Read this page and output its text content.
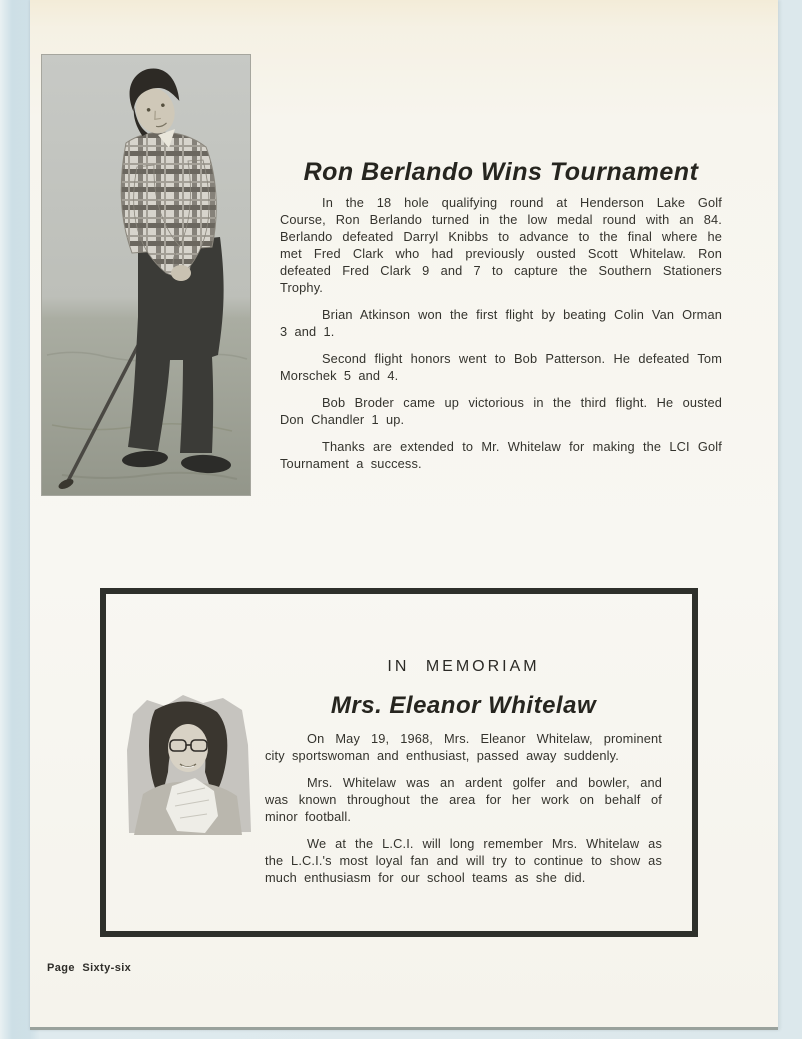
Ron Berlando Wins Tournament

In the 18 hole qualifying round at Henderson Lake Golf Course, Ron Berlando turned in the low medal round with an 84. Berlando defeated Darryl Knibbs to advance to the final where he met Fred Clark who had previously ousted Scott Whitelaw. Ron defeated Fred Clark 9 and 7 to capture the Southern Stationers Trophy.

Brian Atkinson won the first flight by beating Colin Van Orman 3 and 1.

Second flight honors went to Bob Patterson. He defeated Tom Morschek 5 and 4.

Bob Broder came up victorious in the third flight. He ousted Don Chandler 1 up.

Thanks are extended to Mr. Whitelaw for making the LCI Golf Tournament a success.

IN MEMORIAM
Mrs. Eleanor Whitelaw

On May 19, 1968, Mrs. Eleanor Whitelaw, prominent city sportswoman and enthusiast, passed away suddenly.

Mrs. Whitelaw was an ardent golfer and bowler, and was known throughout the area for her work on behalf of minor football.

We at the L.C.I. will long remember Mrs. Whitelaw as the L.C.I.'s most loyal fan and will try to continue to show as much enthusiasm for our school teams as she did.

Page Sixty-six
